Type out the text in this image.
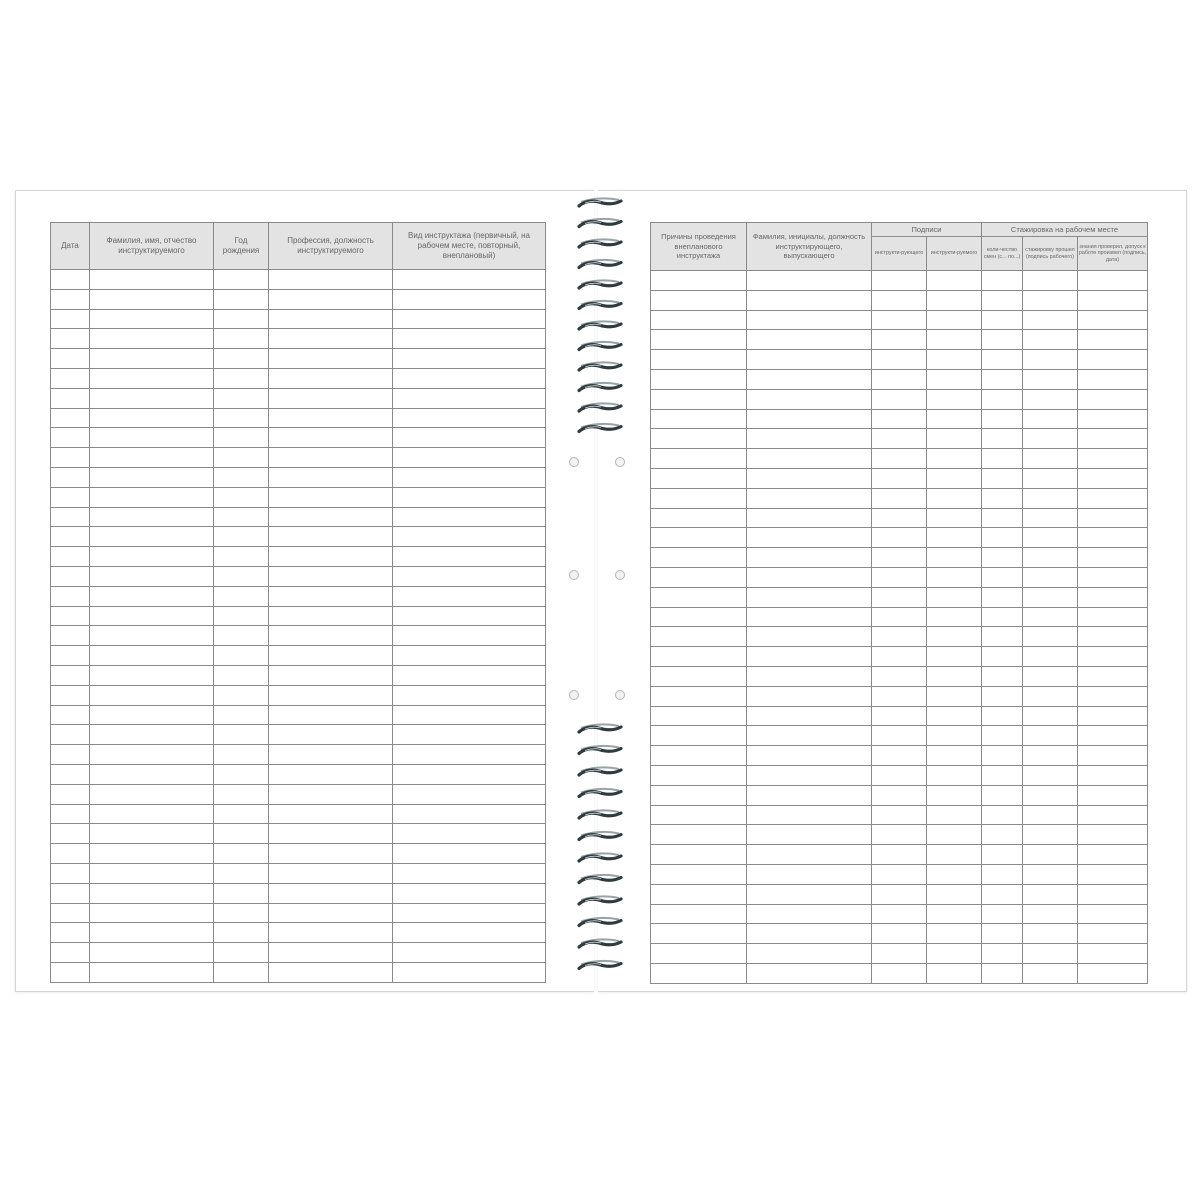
Дата	Фамилия, имя, отчество инструктируемого	Год рождения	Профессия, должность инструктируемого	Вид инструктажа (первичный, на рабочем месте, повторный, внеплановый)

Причины проведения внепланового инструктажа	Фамилия, инициалы, должность инструктирующего, выпускающего	Подписи		Стажировка на рабочем месте		
		инструкти-рующего	инструкти-руемого	коли-чество смен (с... по...)	стажировку прошел (подпись рабочего)	знания проверил, допуск к работе произвел (подпись, дата)
